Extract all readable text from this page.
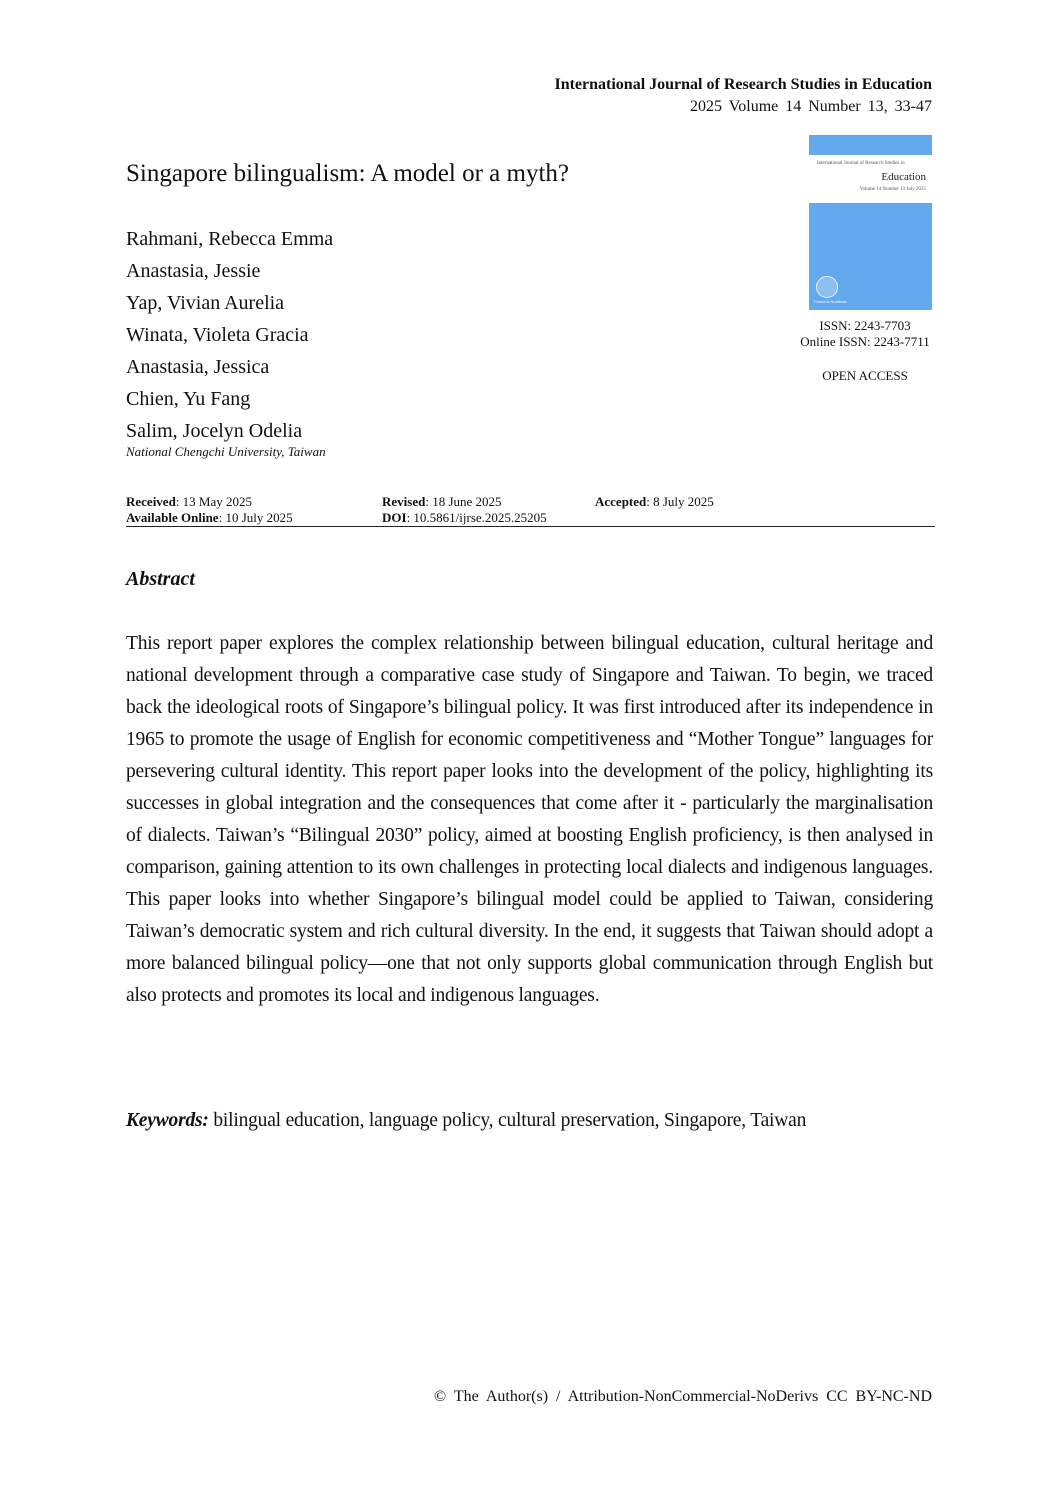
International Journal of Research Studies in Education
2025 Volume 14 Number 13, 33-47
Singapore bilingualism: A model or a myth?
Rahmani, Rebecca Emma
Anastasia, Jessie
Yap, Vivian Aurelia
Winata, Violeta Gracia
Anastasia, Jessica
Chien, Yu Fang
Salim, Jocelyn Odelia
National Chengchi University, Taiwan
International Journal of Research Studies in
Education
Volume 14 Number 13 July 2025
Consortia Academia
ISSN: 2243-7703
Online ISSN: 2243-7711
OPEN ACCESS
Received: 13 May 2025	Revised: 18 June 2025	Accepted: 8 July 2025
Available Online: 10 July 2025	DOI: 10.5861/ijrse.2025.25205
Abstract
This report paper explores the complex relationship between bilingual education, cultural heritage and national development through a comparative case study of Singapore and Taiwan. To begin, we traced back the ideological roots of Singapore’s bilingual policy. It was first introduced after its independence in 1965 to promote the usage of English for economic competitiveness and “Mother Tongue” languages for persevering cultural identity. This report paper looks into the development of the policy, highlighting its successes in global integration and the consequences that come after it - particularly the marginalisation of dialects. Taiwan’s “Bilingual 2030” policy, aimed at boosting English proficiency, is then analysed in comparison, gaining attention to its own challenges in protecting local dialects and indigenous languages. This paper looks into whether Singapore’s bilingual model could be applied to Taiwan, considering Taiwan’s democratic system and rich cultural diversity. In the end, it suggests that Taiwan should adopt a more balanced bilingual policy—one that not only supports global communication through English but also protects and promotes its local and indigenous languages.
Keywords: bilingual education, language policy, cultural preservation, Singapore, Taiwan
© The Author(s) / Attribution-NonCommercial-NoDerivs CC BY-NC-ND
